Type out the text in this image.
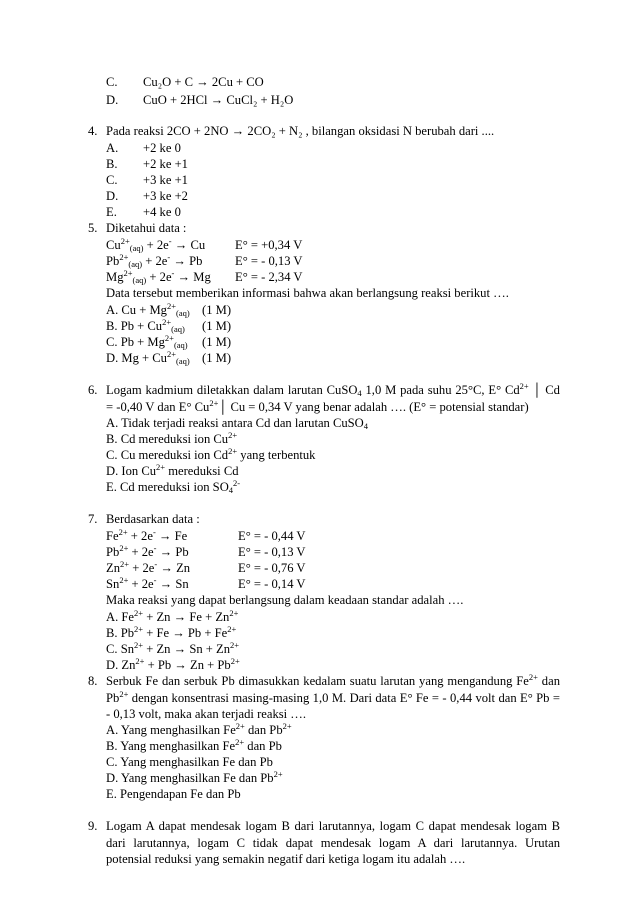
C. Cu₂O + C → 2Cu + CO
D. CuO + 2HCl → CuCl₂ + H₂O
4. Pada reaksi 2CO + 2NO → 2CO₂ + N₂ , bilangan oksidasi N berubah dari ....
A. +2 ke 0
B. +2 ke +1
C. +3 ke +1
D. +3 ke +2
E. +4 ke 0
5. Diketahui data :
$Cu^{2+}_{(aq)} + 2e^- \to Cu$ E° = +0,34 V
$Pb^{2+}_{(aq)} + 2e^- \to Pb$	E° = - 0,13 V
$Mg^{2+}_{(aq)} + 2e^- \to Mg$ E° = - 2,34 V
Data tersebut memberikan informasi bahwa akan berlangsung reaksi berikut ….
A. $Cu + Mg^{2+}_{(aq)}$ (1 M)
B. $Pb + Cu^{2+}_{(aq)}$ (1 M)
C. $Pb + Mg^{2+}_{(aq)}$ (1 M)
D. $Mg + Cu^{2+}_{(aq)}$ (1 M)
6. Logam kadmium diletakkan dalam larutan CuSO$_4$ 1,0 M pada suhu 25°C, E° $Cd^{2+}$ │ Cd
= -0,40 V dan E° $Cu^{2+}│$ Cu = 0,34 V yang benar adalah …. (E° = potensial standar)
A. Tidak terjadi reaksi antara Cd dan larutan CuSO$_4$
B. Cd mereduksi ion $Cu^{2+}$
C. Cu mereduksi ion $Cd^{2+}$ yang terbentuk
D. Ion $Cu^{2+}$ mereduksi Cd
E. Cd mereduksi ion $SO_4^{2-}$
7. Berdasarkan data :
$Fe^{2+} + 2e^- \to Fe$	E° = - 0,44 V
$Pb^{2+} + 2e^- \to Pb$	E° = - 0,13 V
$Zn^{2+} + 2e^- \to Zn$	E° = - 0,76 V
$Sn^{2+} + 2e^- \to Sn$	E° = - 0,14 V
Maka reaksi yang dapat berlangsung dalam keadaan standar adalah ….
A. $Fe^{2+} + Zn \to Fe + Zn^{2+}$
B. $Pb^{2+} + Fe \to Pb + Fe^{2+}$
C. $Sn^{2+} + Zn \to Sn + Zn^{2+}$
D. $Zn^{2+} + Pb \to Zn + Pb^{2+}$
8. Serbuk Fe dan serbuk Pb dimasukkan kedalam suatu larutan yang mengandung $Fe^{2+}$ dan
$Pb^{2+}$ dengan konsentrasi masing-masing 1,0 M. Dari data E° Fe = - 0,44 volt dan E° Pb =
- 0,13 volt, maka akan terjadi reaksi ….
A. Yang menghasilkan $Fe^{2+}$ dan $Pb^{2+}$
B. Yang menghasilkan $Fe^{2+}$ dan Pb
C. Yang menghasilkan Fe dan Pb
D. Yang menghasilkan Fe dan $Pb^{2+}$
E. Pengendapan Fe dan Pb
9. Logam A dapat mendesak logam B dari larutannya, logam C dapat mendesak logam B
dari larutannya, logam C tidak dapat mendesak logam A dari larutannya. Urutan
potensial reduksi yang semakin negatif dari ketiga logam itu adalah ….
